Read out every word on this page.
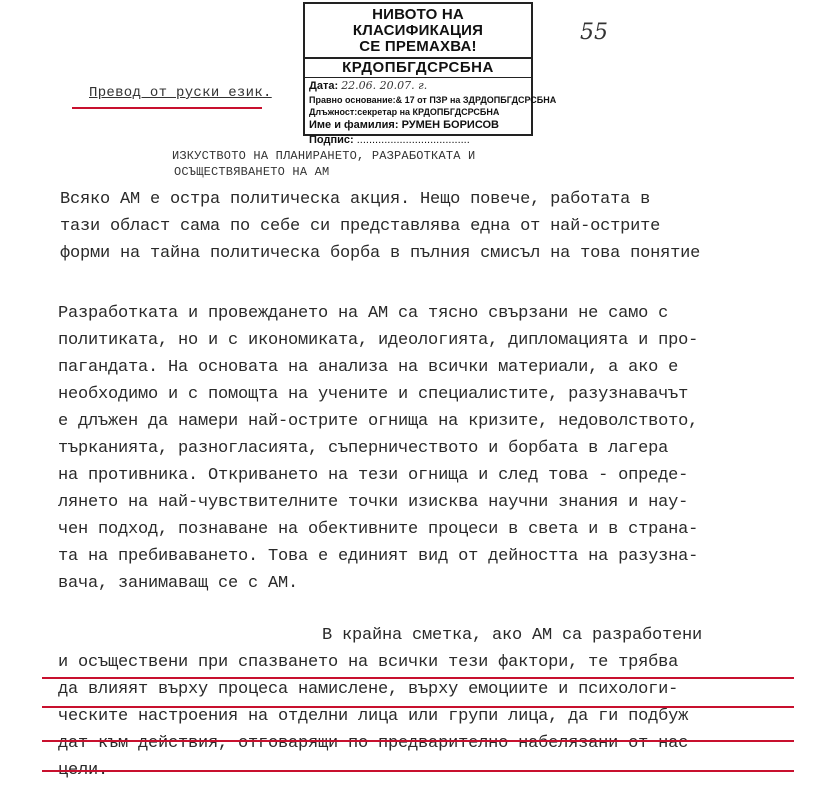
НИВОТО НА КЛАСИФИКАЦИЯ
СЕ ПРЕМАХВА!
КРДОПБГДСРСБНА
Дата: 22.06. 20.07. г.
Правно основание:& 17 от ПЗР на ЗДРДОПБГДСРСБНА
Длъжност:секретар на КРДОПБГДСРСБНА
Име и фамилия: РУМЕН БОРИСОВ
Подпис: .....................................
55
Превод от руски език.
ИЗКУСТВОТО НА ПЛАНИРАНЕТО, РАЗРАБОТКАТА И
ОСЪЩЕСТВЯВАНЕТО НА АМ
Всяко АМ е остра политическа акция. Нещо повече, работата в
тази област сама по себе си представлява една от най-острите
форми на тайна политическа борба в пълния смисъл на това понятие
Разработката и провеждането на АМ са тясно свързани не само с
политиката, но и с икономиката, идеологията, дипломацията и про-
пагандата. На основата на анализа на всички материали, а ако е
необходимо и с помощта на учените и специалистите, разузнавачът
е длъжен да намери най-острите огнища на кризите, недоволството,
търканията, разногласията, съперничеството и борбата в лагера
на противника. Откриването на тези огнища и след това - опреде-
лянето на най-чувствителните точки изисква научни знания и нау-
чен подход, познаване на обективните процеси в света и в страна-
та на пребиваването. Това е единият вид от дейността на разузна-
вача, занимаващ се с АМ.
В крайна сметка, ако АМ са разработени
и осъществени при спазването на всички тези фактори, те трябва
да влияят върху процеса намислене, върху емоциите и психологи-
ческите настроения на отделни лица или групи лица, да ги подбуж
дат към действия, отговарящи по предварително набелязани от нас
цели.
